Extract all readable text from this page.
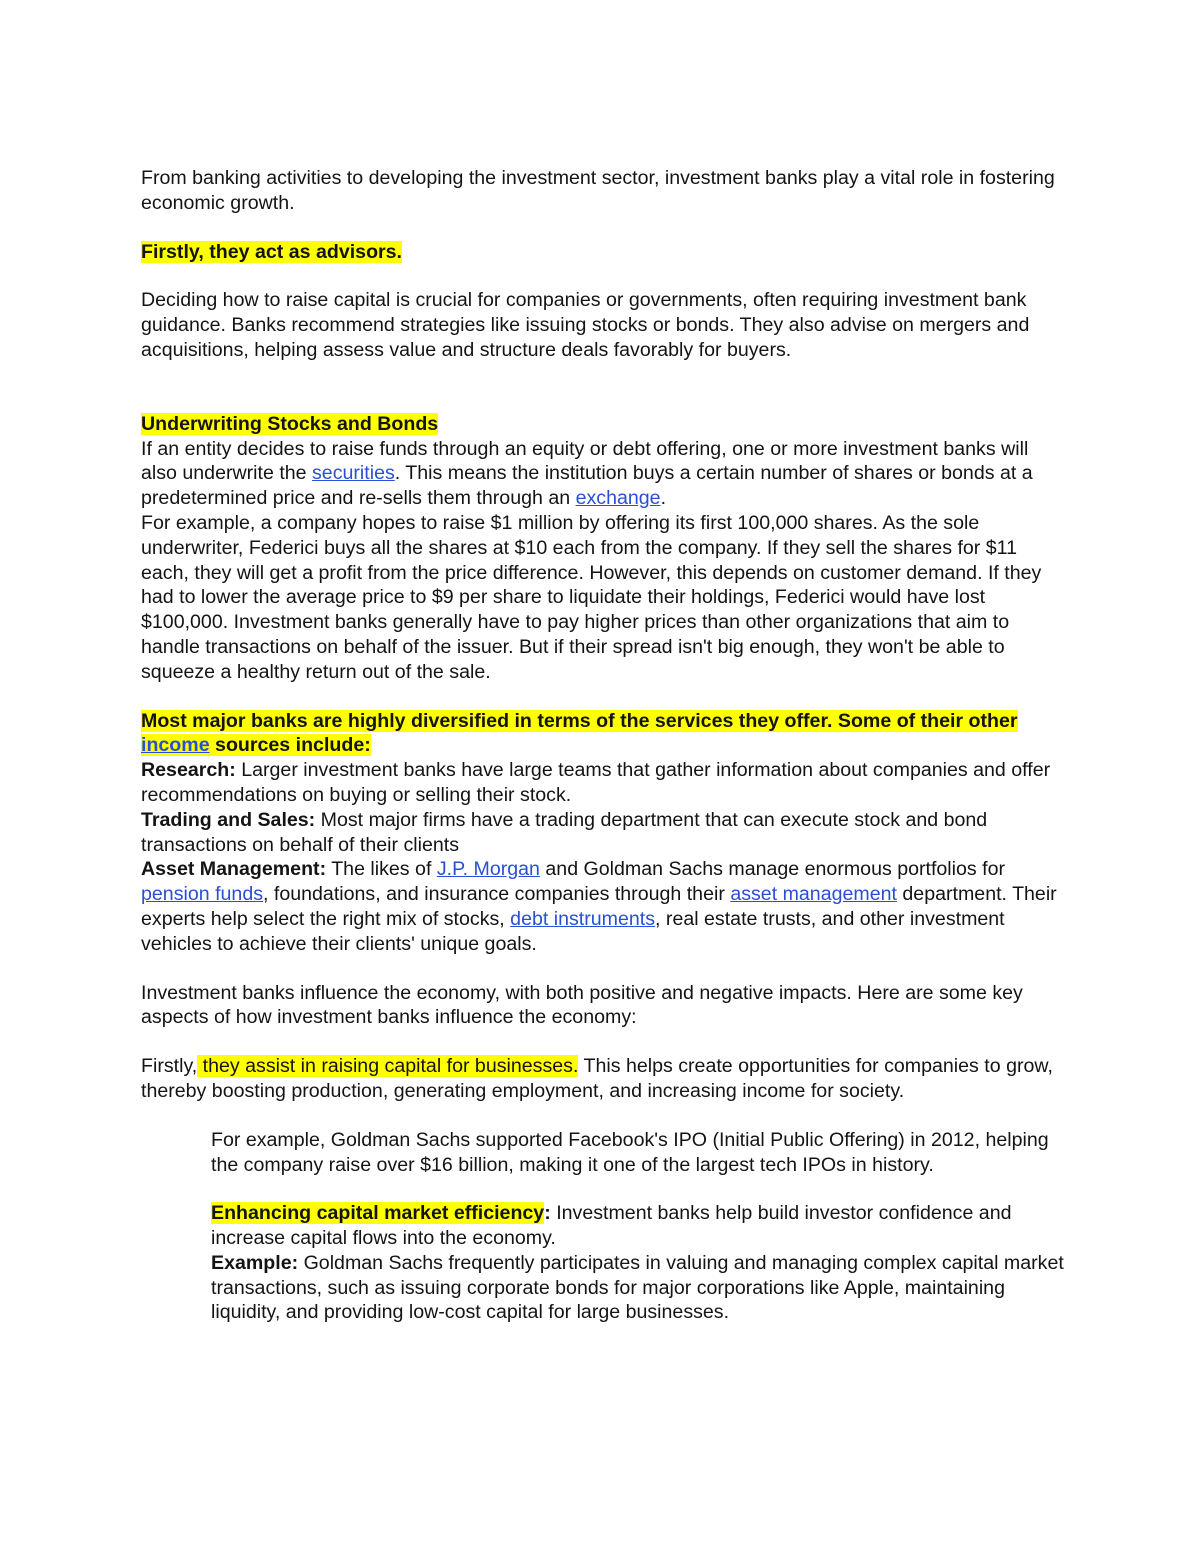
From banking activities to developing the investment sector, investment banks play a vital role in fostering economic growth.

Firstly, they act as advisors.

Deciding how to raise capital is crucial for companies or governments, often requiring investment bank guidance. Banks recommend strategies like issuing stocks or bonds. They also advise on mergers and acquisitions, helping assess value and structure deals favorably for buyers.

Underwriting Stocks and Bonds

If an entity decides to raise funds through an equity or debt offering, one or more investment banks will also underwrite the securities. This means the institution buys a certain number of shares or bonds at a predetermined price and re-sells them through an exchange.

For example, a company hopes to raise $1 million by offering its first 100,000 shares. As the sole underwriter, Federici buys all the shares at $10 each from the company. If they sell the shares for $11 each, they will get a profit from the price difference. However, this depends on customer demand. If they had to lower the average price to $9 per share to liquidate their holdings, Federici would have lost $100,000. Investment banks generally have to pay higher prices than other organizations that aim to handle transactions on behalf of the issuer. But if their spread isn't big enough, they won't be able to squeeze a healthy return out of the sale.

Most major banks are highly diversified in terms of the services they offer. Some of their other income sources include:

Research: Larger investment banks have large teams that gather information about companies and offer recommendations on buying or selling their stock.

Trading and Sales: Most major firms have a trading department that can execute stock and bond transactions on behalf of their clients

Asset Management: The likes of J.P. Morgan and Goldman Sachs manage enormous portfolios for pension funds, foundations, and insurance companies through their asset management department. Their experts help select the right mix of stocks, debt instruments, real estate trusts, and other investment vehicles to achieve their clients' unique goals.

Investment banks influence the economy, with both positive and negative impacts. Here are some key aspects of how investment banks influence the economy:

Firstly, they assist in raising capital for businesses. This helps create opportunities for companies to grow, thereby boosting production, generating employment, and increasing income for society.

For example, Goldman Sachs supported Facebook's IPO (Initial Public Offering) in 2012, helping the company raise over $16 billion, making it one of the largest tech IPOs in history.

Enhancing capital market efficiency: Investment banks help build investor confidence and increase capital flows into the economy.

Example: Goldman Sachs frequently participates in valuing and managing complex capital market transactions, such as issuing corporate bonds for major corporations like Apple, maintaining liquidity, and providing low-cost capital for large businesses.
